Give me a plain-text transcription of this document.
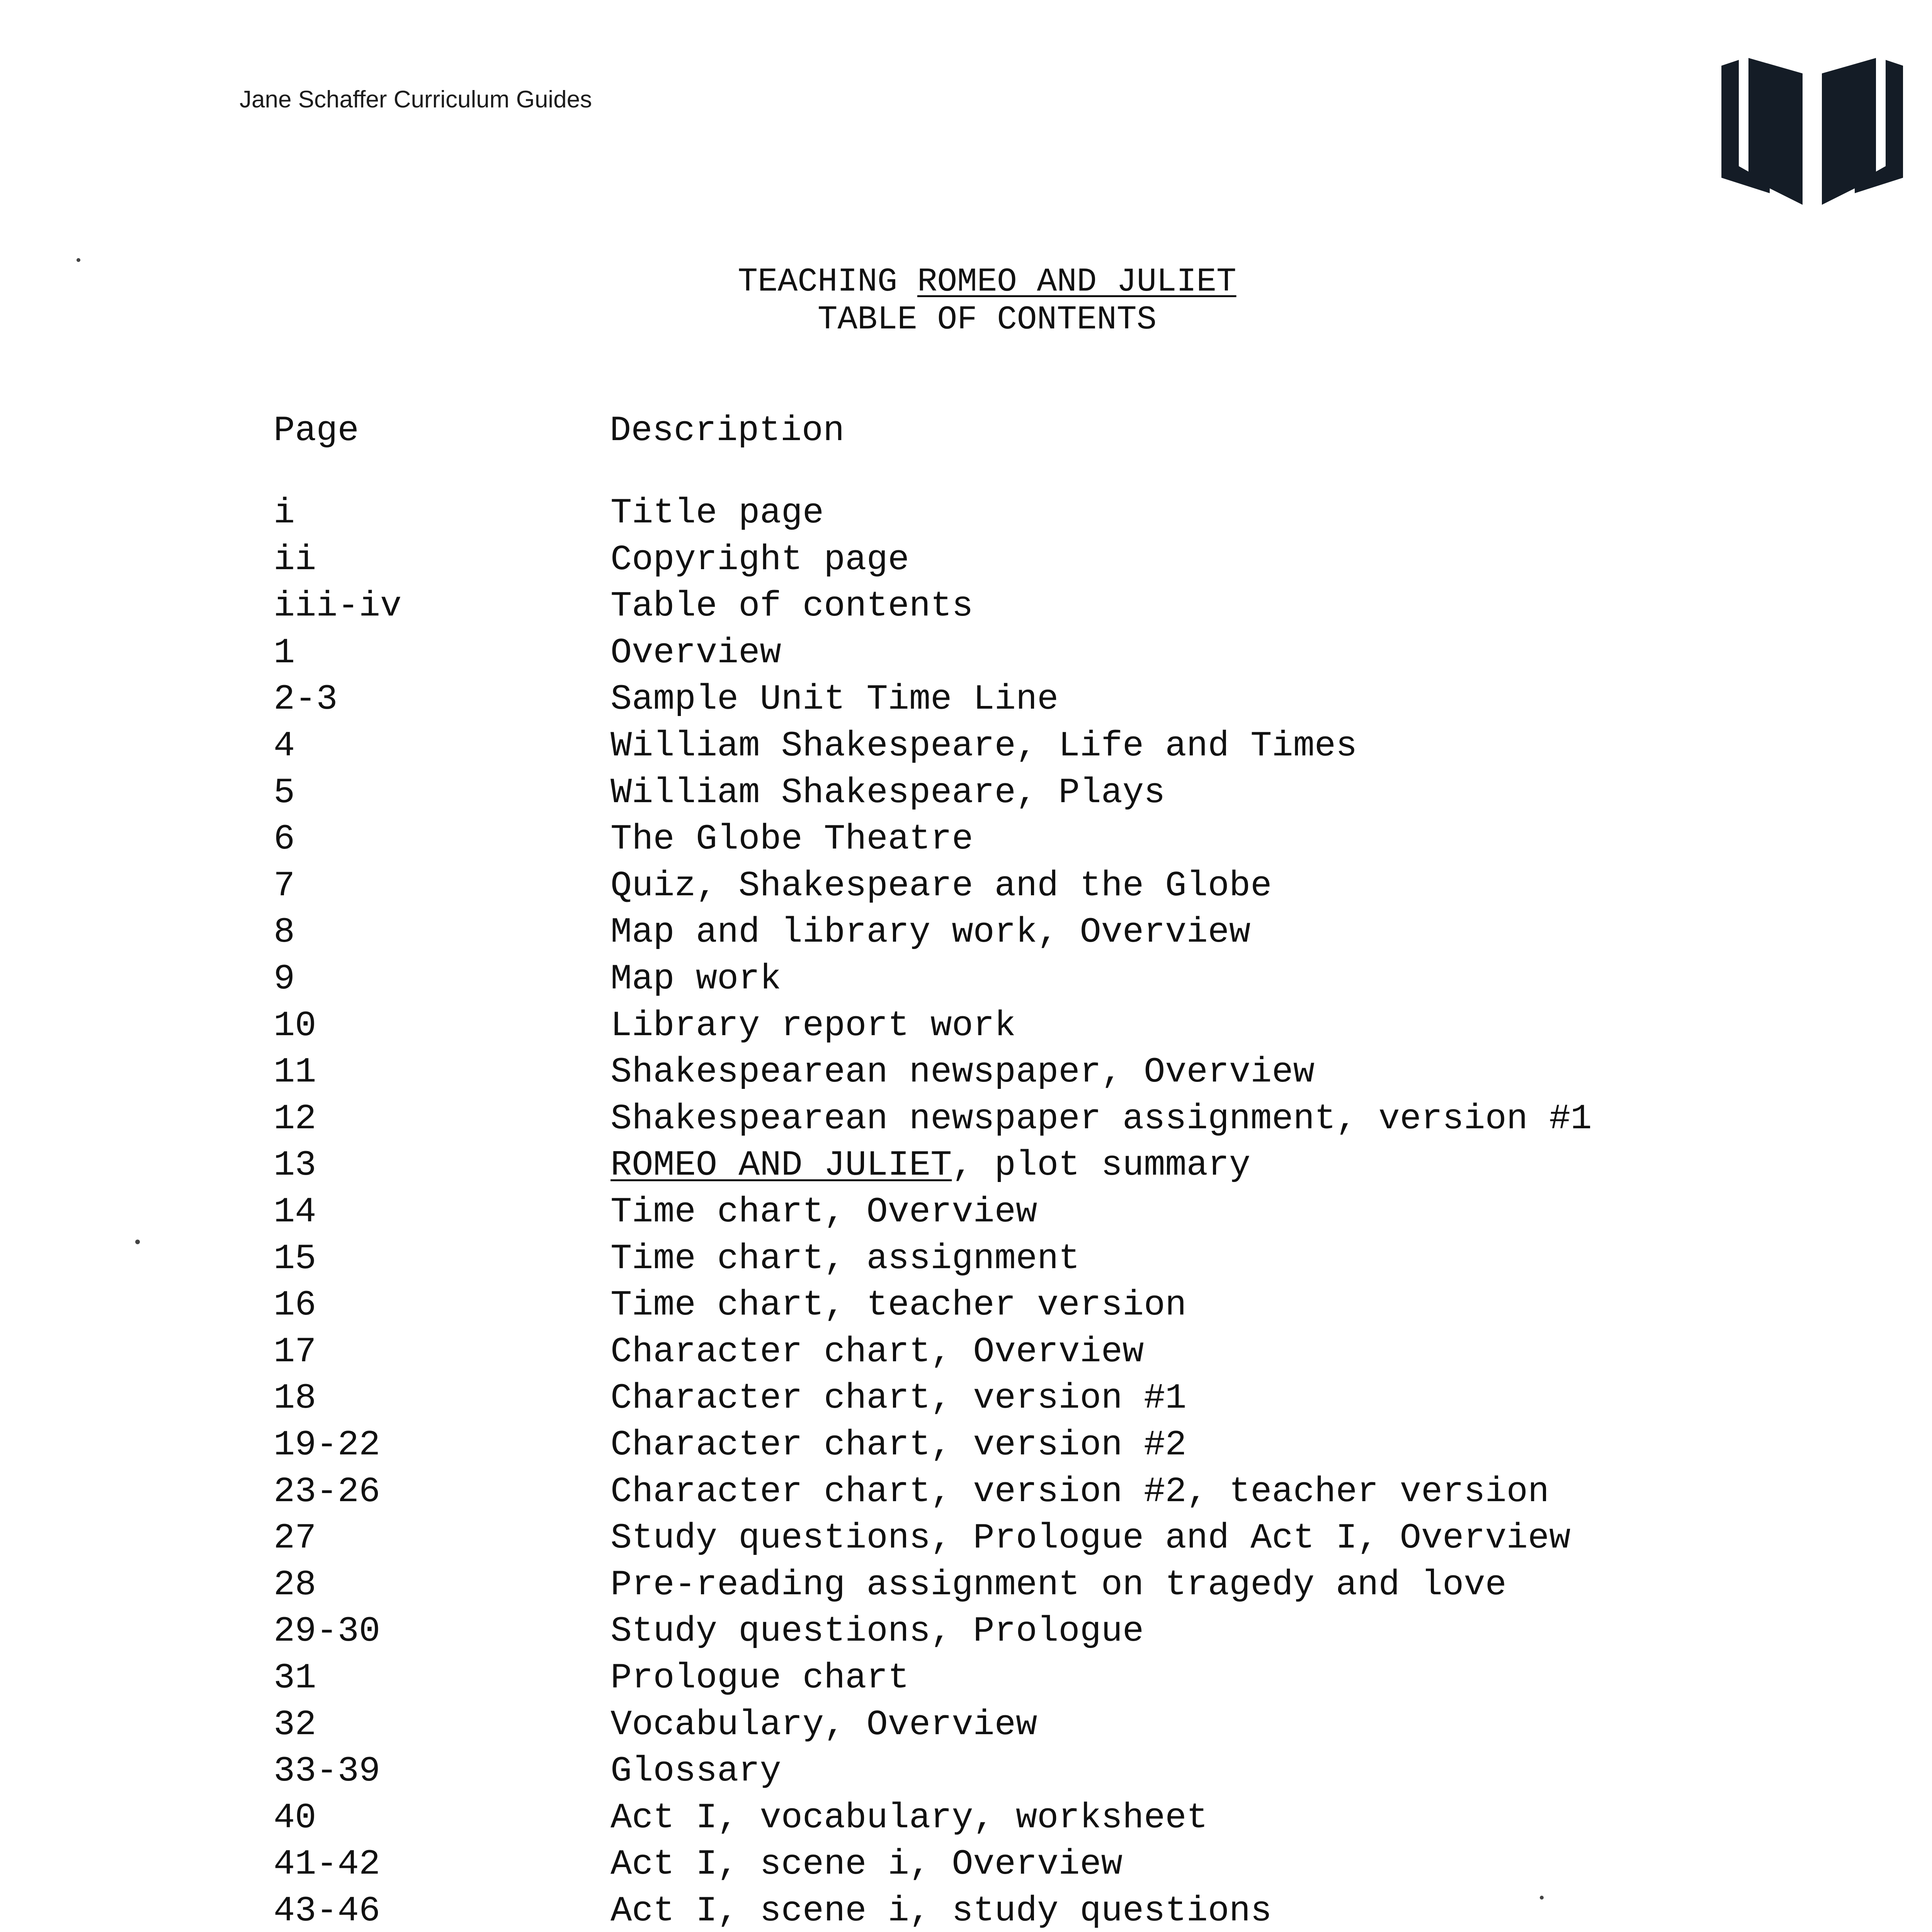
Jane Schaffer Curriculum Guides
TEACHING ROMEO AND JULIET
TABLE OF CONTENTS
Page	Description
i	Title page
ii	Copyright page
iii-iv	Table of contents
1	Overview
2-3	Sample Unit Time Line
4	William Shakespeare, Life and Times
5	William Shakespeare, Plays
6	The Globe Theatre
7	Quiz, Shakespeare and the Globe
8	Map and library work, Overview
9	Map work
10	Library report work
11	Shakespearean newspaper, Overview
12	Shakespearean newspaper assignment, version #1
13	ROMEO AND JULIET, plot summary
14	Time chart, Overview
15	Time chart, assignment
16	Time chart, teacher version
17	Character chart, Overview
18	Character chart, version #1
19-22	Character chart, version #2
23-26	Character chart, version #2, teacher version
27	Study questions, Prologue and Act I, Overview
28	Pre-reading assignment on tragedy and love
29-30	Study questions, Prologue
31	Prologue chart
32	Vocabulary, Overview
33-39	Glossary
40	Act I, vocabulary, worksheet
41-42	Act I, scene i, Overview
43-46	Act I, scene i, study questions
